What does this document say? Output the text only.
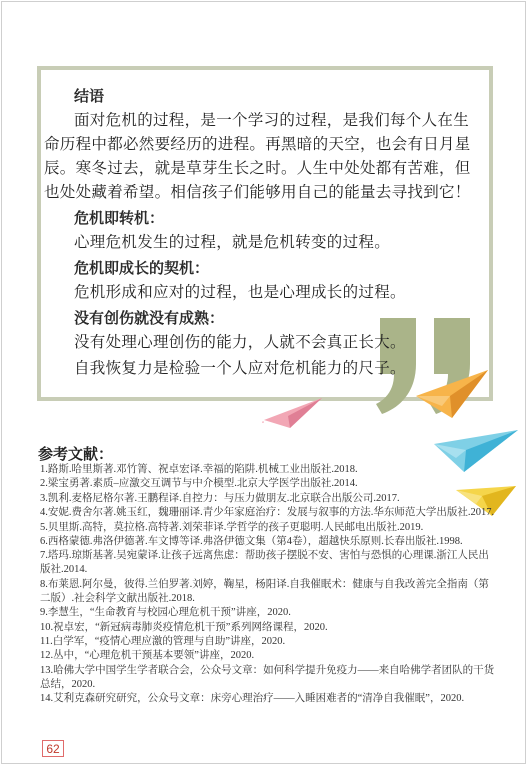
结语
面对危机的过程，是一个学习的过程，是我们每个人在生命历程中都必然要经历的进程。再黑暗的天空，也会有日月星辰。寒冬过去，就是草芽生长之时。人生中处处都有苦难，但也处处藏着希望。相信孩子们能够用自己的能量去寻找到它！
危机即转机：
心理危机发生的过程，就是危机转变的过程。
危机即成长的契机：
危机形成和应对的过程，也是心理成长的过程。
没有创伤就没有成熟：
没有处理心理创伤的能力，人就不会真正长大。
自我恢复力是检验一个人应对危机能力的尺子。
参考文献：
1.路斯.哈里斯著.邓竹箐、祝卓宏译.幸福的陷阱.机械工业出版社.2018.
2.梁宝勇著.素质–应激交互调节与中介模型.北京大学医学出版社.2014.
3.凯利.麦格尼格尔著.王鹏程译.自控力：与压力做朋友.北京联合出版公司.2017.
4.安妮.费舍尔著.姚玉红，魏珊丽译.青少年家庭治疗：发展与叙事的方法.华东师范大学出版社.2017.
5.贝里斯.高特，莫拉格.高特著.刘荣菲译.学哲学的孩子更聪明.人民邮电出版社.2019.
6.西格蒙德.弗洛伊德著.车文博等译.弗洛伊德文集（第4卷），超越快乐原则.长春出版社.1998.
7.塔玛.琼斯基著.吴宛蒙译.让孩子远离焦虑：帮助孩子摆脱不安、害怕与恐惧的心理课.浙江人民出版社.2014.
8.布莱恩.阿尔曼，彼得.兰伯罗著.刘婷，鞠星，杨阳译.自我催眠术：健康与自我改善完全指南（第二版）.社会科学文献出版社.2018.
9.李慧生，“生命教育与校园心理危机干预”讲座，2020.
10.祝卓宏，“新冠病毒肺炎疫情危机干预”系列网络课程，2020.
11.白学军，“疫情心理应激的管理与自助”讲座，2020.
12.丛中，“心理危机干预基本要领”讲座，2020.
13.哈佛大学中国学生学者联合会，公众号文章：如何科学提升免疫力——来自哈佛学者团队的干货总结，2020.
14.艾利克森研究研究，公众号文章：床旁心理治疗——入睡困难者的“清净自我催眠”，2020.
62
